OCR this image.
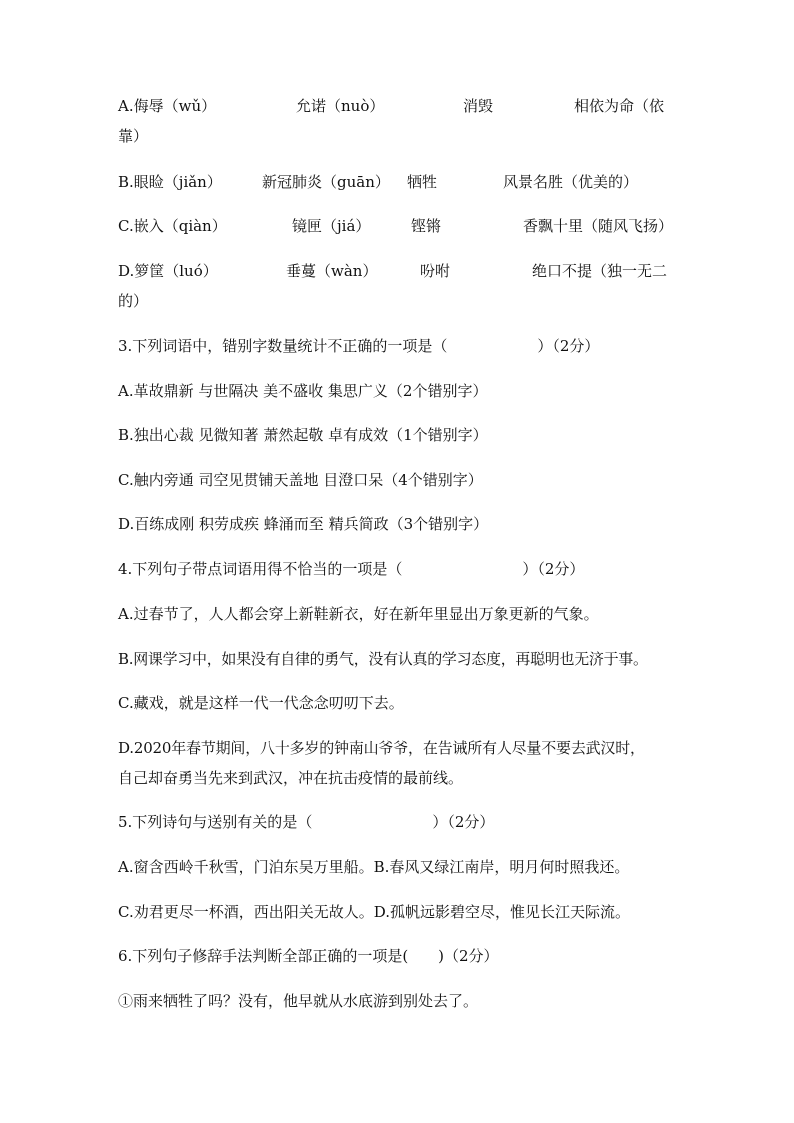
A.侮辱（wǔ）	允诺（nuò）	消毁	相依为命（依
靠）
B.眼睑（jiǎn）	新冠肺炎（guān） 牺牲	风景名胜（优美的）
C.嵌入（qiàn）	镜匣（jiá）	铿锵	香飘十里（随风飞扬）
D.箩筐（luó）	垂蔓（wàn）	吩咐	绝口不提（独一无二
的）
3.下列词语中，错别字数量统计不正确的一项是（　　　　　　）（2分）
A.革故鼎新 与世隔决 美不盛收 集思广义（2个错别字）
B.独出心裁 见微知著 萧然起敬 卓有成效（1个错别字）
C.触内旁通 司空见贯铺天盖地 目澄口呆（4个错别字）
D.百练成刚 积劳成疾 蜂涌而至 精兵简政（3个错别字）
4.下列句子带点词语用得不恰当的一项是（　　　　　　　　）（2分）
A.过春节了，人人都会穿上新鞋新衣，好在新年里显出万象更新的气象。
B.网课学习中，如果没有自律的勇气，没有认真的学习态度，再聪明也无济于事。
C.藏戏，就是这样一代一代念念叨叨下去。
D.2020年春节期间，八十多岁的钟南山爷爷，在告诫所有人尽量不要去武汉时，
自己却奋勇当先来到武汉，冲在抗击疫情的最前线。
5.下列诗句与送别有关的是（　　　　　　　　）（2分）
A.窗含西岭千秋雪，门泊东吴万里船。B.春风又绿江南岸，明月何时照我还。
C.劝君更尽一杯酒，西出阳关无故人。D.孤帆远影碧空尽，惟见长江天际流。
6.下列句子修辞手法判断全部正确的一项是(　　)（2分）
①雨来牺牲了吗？没有，他早就从水底游到别处去了。
